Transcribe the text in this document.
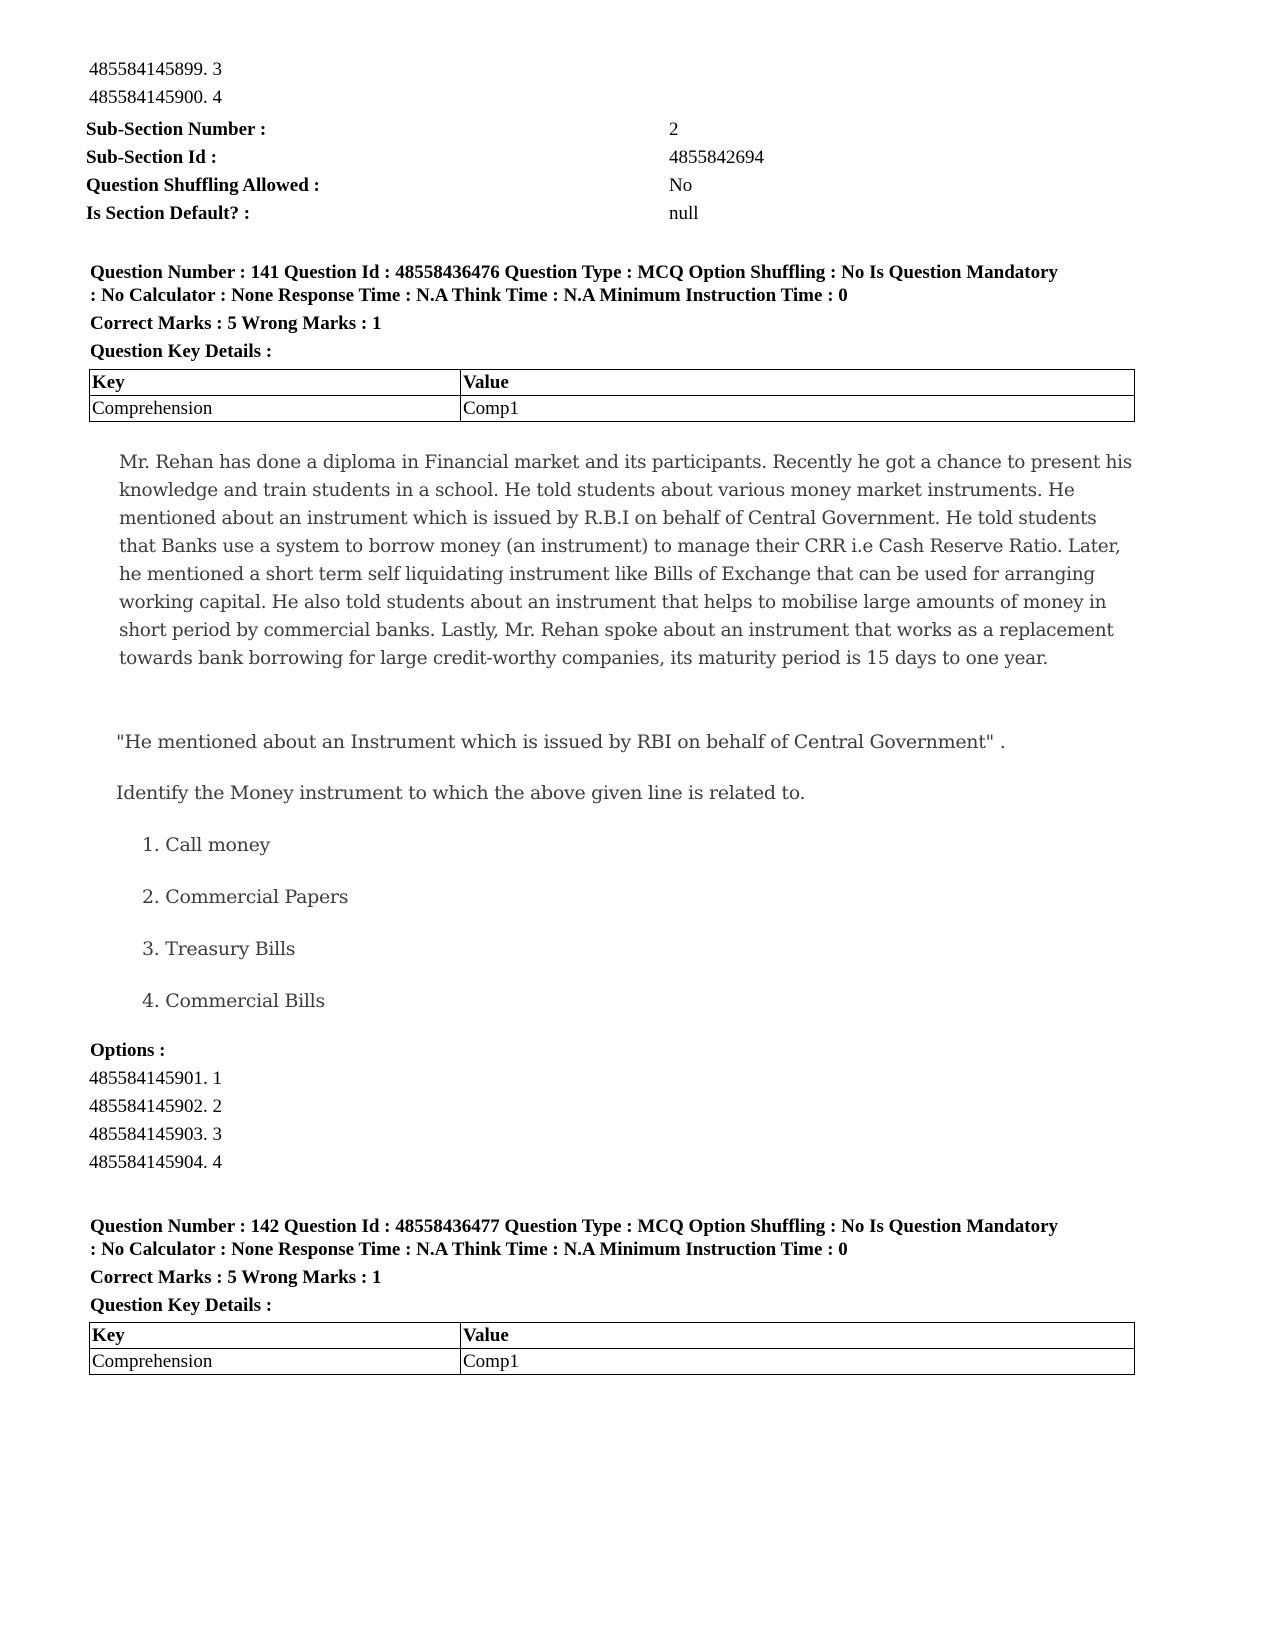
485584145899. 3
485584145900. 4
Sub-Section Number :	2
Sub-Section Id :	4855842694
Question Shuffling Allowed :	No
Is Section Default? :	null
Question Number : 141 Question Id : 48558436476 Question Type : MCQ Option Shuffling : No Is Question Mandatory
: No Calculator : None Response Time : N.A Think Time : N.A Minimum Instruction Time : 0
Correct Marks : 5 Wrong Marks : 1
Question Key Details :
Key	Value
Comprehension	Comp1
Mr. Rehan has done a diploma in Financial market and its participants. Recently he got a chance to present his
knowledge and train students in a school. He told students about various money market instruments. He
mentioned about an instrument which is issued by R.B.I on behalf of Central Government. He told students
that Banks use a system to borrow money (an instrument) to manage their CRR i.e Cash Reserve Ratio. Later,
he mentioned a short term self liquidating instrument like Bills of Exchange that can be used for arranging
working capital. He also told students about an instrument that helps to mobilise large amounts of money in
short period by commercial banks. Lastly, Mr. Rehan spoke about an instrument that works as a replacement
towards bank borrowing for large credit-worthy companies, its maturity period is 15 days to one year.
"He mentioned about an Instrument which is issued by RBI on behalf of Central Government" .
Identify the Money instrument to which the above given line is related to.
1. Call money
2. Commercial Papers
3. Treasury Bills
4. Commercial Bills
Options :
485584145901. 1
485584145902. 2
485584145903. 3
485584145904. 4
Question Number : 142 Question Id : 48558436477 Question Type : MCQ Option Shuffling : No Is Question Mandatory
: No Calculator : None Response Time : N.A Think Time : N.A Minimum Instruction Time : 0
Correct Marks : 5 Wrong Marks : 1
Question Key Details :
Key	Value
Comprehension	Comp1
